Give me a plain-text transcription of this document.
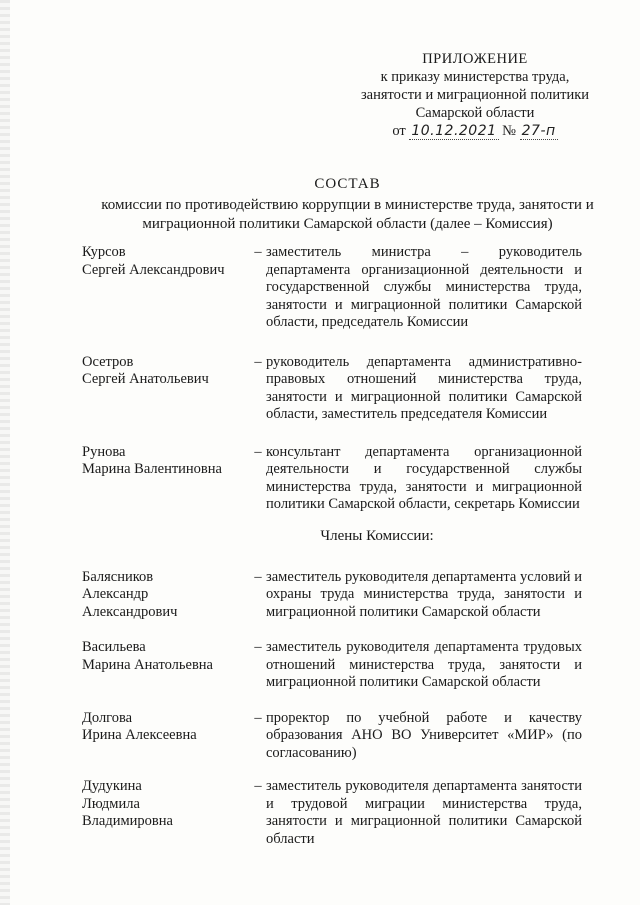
ПРИЛОЖЕНИЕ
к приказу министерства труда,
занятости и миграционной политики
Самарской области
от 10.12.2021 № 27-п
СОСТАВ
комиссии по противодействию коррупции в министерстве труда, занятости и
миграционной политики Самарской области (далее – Комиссия)
Курсов
Сергей Александрович
– заместитель министра – руководитель департамента организационной деятельности и государственной службы министерства труда, занятости и миграционной политики Самарской области, председатель Комиссии
Осетров
Сергей Анатольевич
– руководитель департамента административно-правовых отношений министерства труда, занятости и миграционной политики Самарской области, заместитель председателя Комиссии
Рунова
Марина Валентиновна
– консультант департамента организационной деятельности и государственной службы министерства труда, занятости и миграционной политики Самарской области, секретарь Комиссии
Члены Комиссии:
Балясников
Александр
Александрович
– заместитель руководителя департамента условий и охраны труда министерства труда, занятости и миграционной политики Самарской области
Васильева
Марина Анатольевна
– заместитель руководителя департамента трудовых отношений министерства труда, занятости и миграционной политики Самарской области
Долгова
Ирина Алексеевна
– проректор по учебной работе и качеству образования АНО ВО Университет «МИР» (по согласованию)
Дудукина
Людмила
Владимировна
– заместитель руководителя департамента занятости и трудовой миграции министерства труда, занятости и миграционной политики Самарской области
